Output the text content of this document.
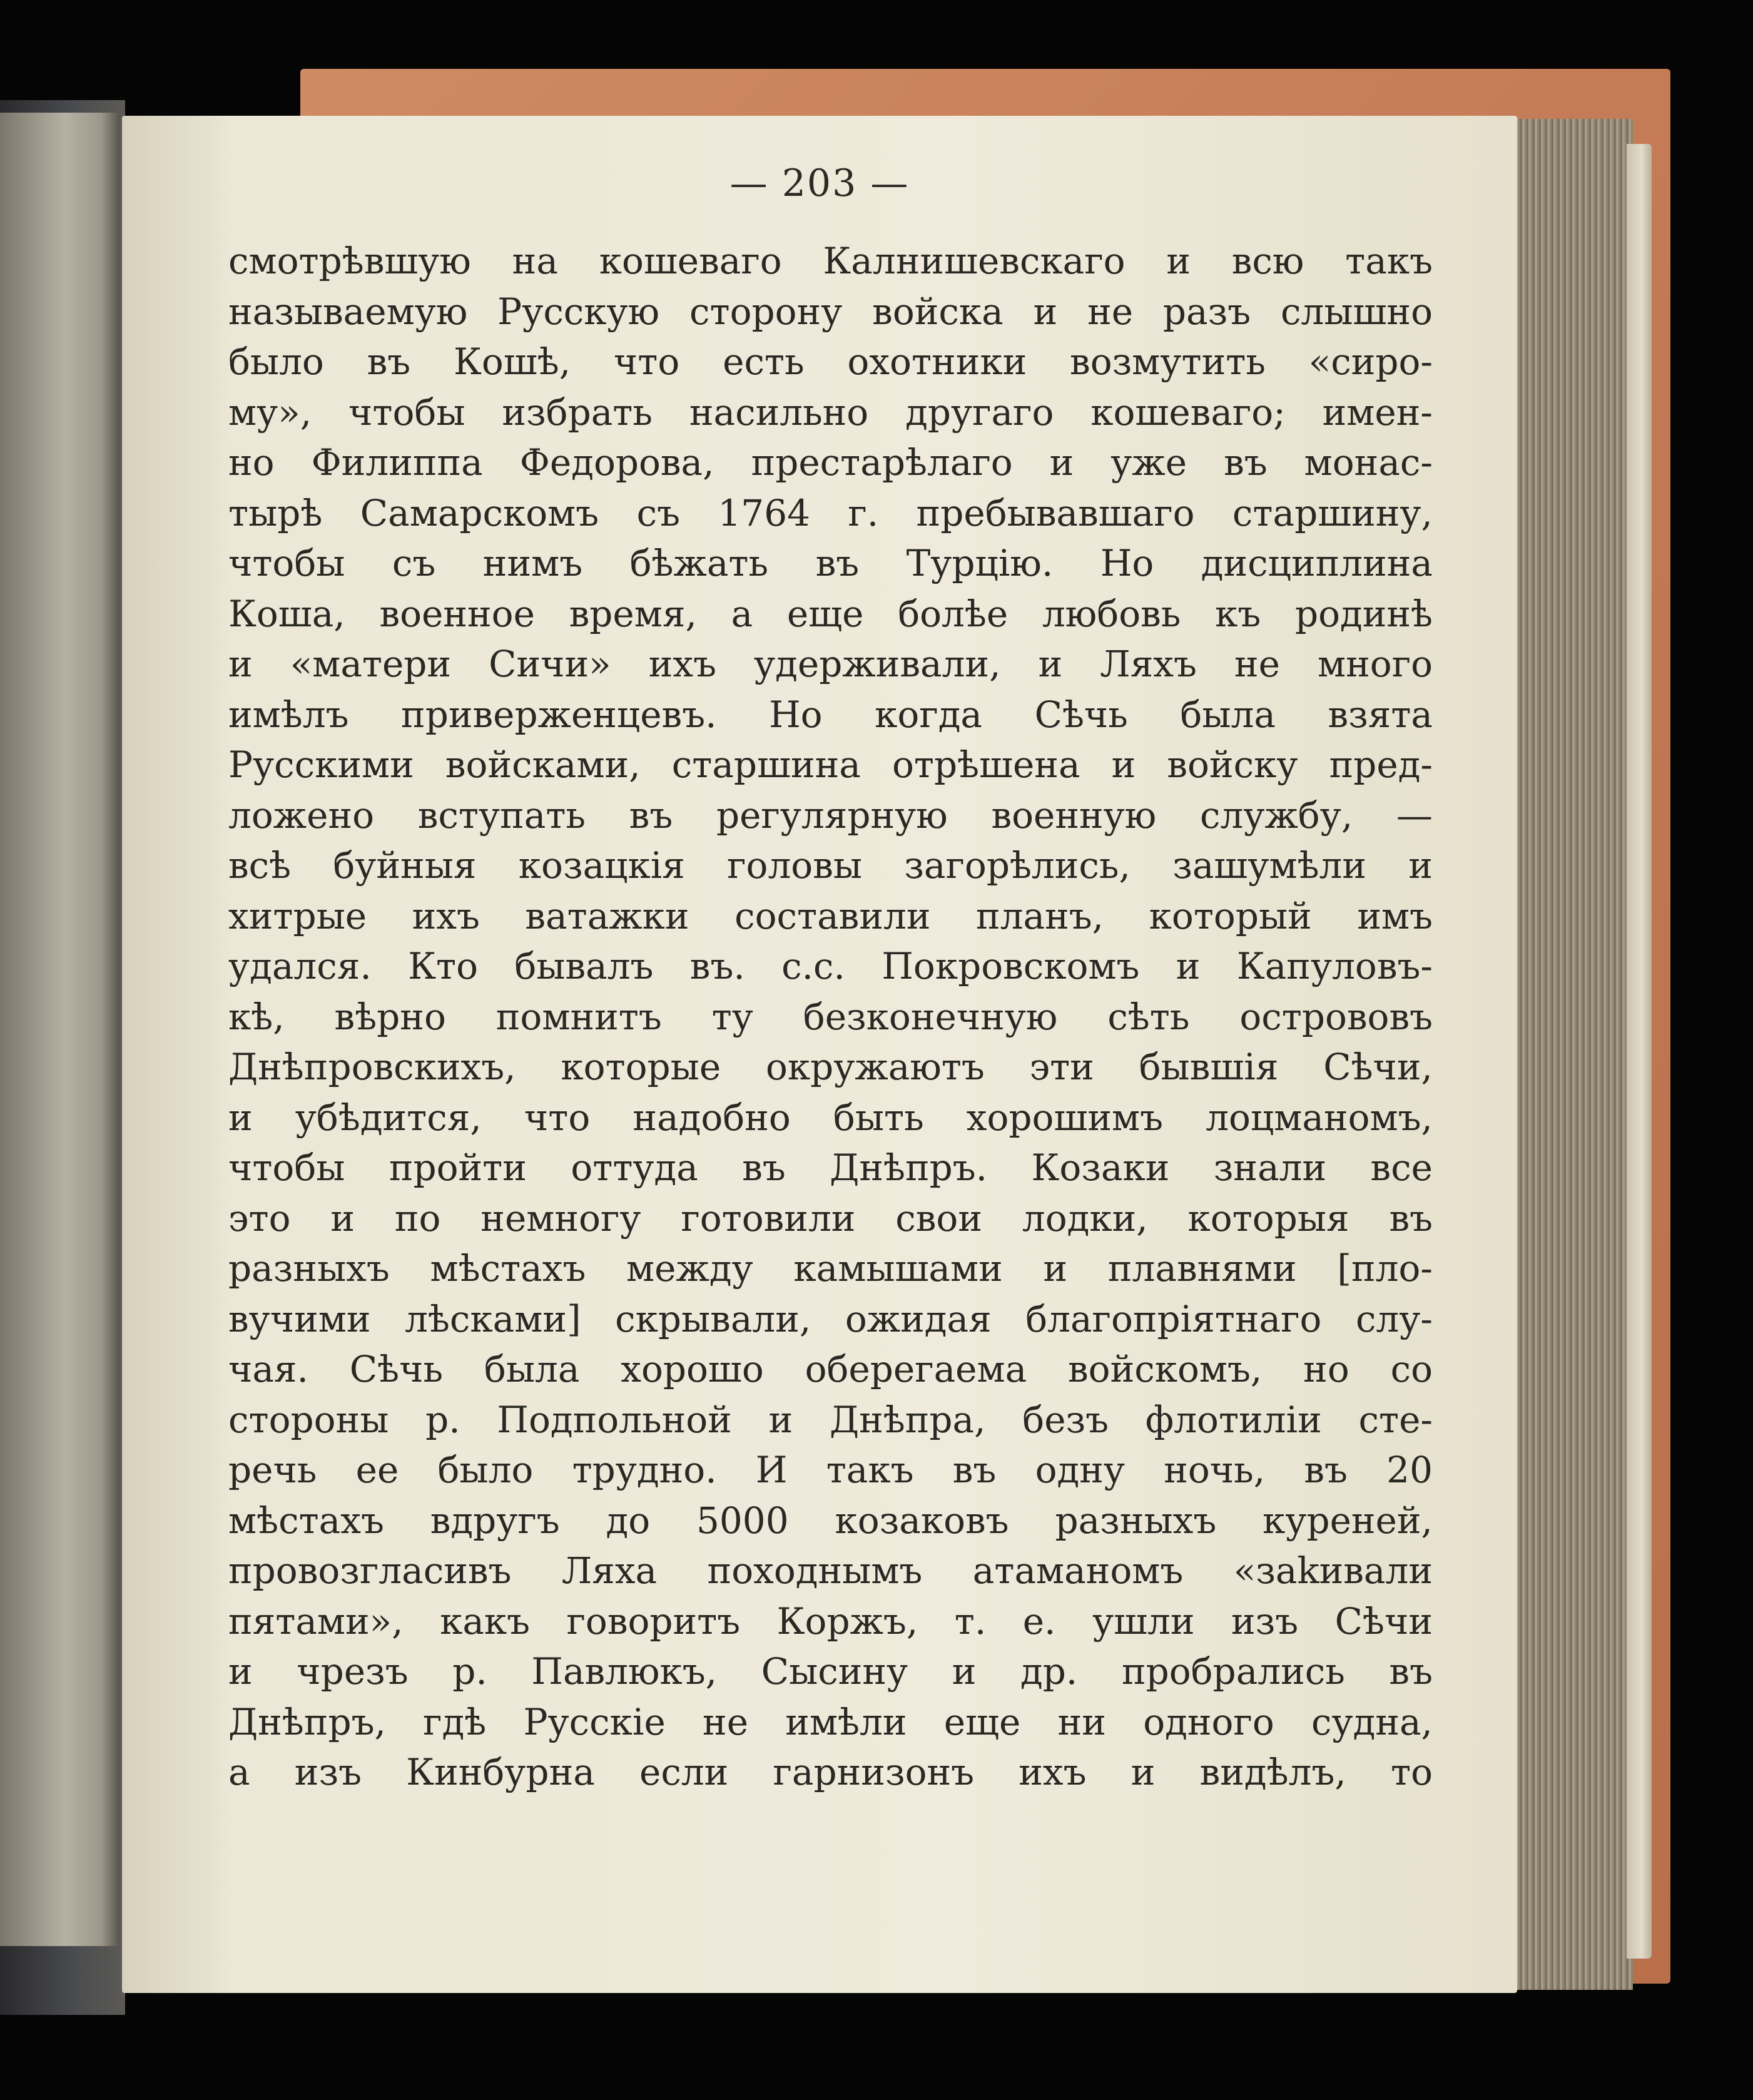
— 203 —
смотрѣвшую на кошеваго Калнишевскаго и всю такъ
называемую Русскую сторону войска и не разъ слышно
было въ Кошѣ, что есть охотники возмутить «сиро-
му», чтобы избрать насильно другаго кошеваго; имен-
но Филиппа Федорова, престарѣлаго и уже въ монас-
тырѣ Самарскомъ съ 1764 г. пребывавшаго старшину,
чтобы съ нимъ бѣжать въ Турцію. Но дисциплина
Коша, военное время, а еще болѣе любовь къ родинѣ
и «матери Сичи» ихъ удерживали, и Ляхъ не много
имѣлъ приверженцевъ. Но когда Сѣчь была взята
Русскими войсками, старшина отрѣшена и войску пред-
ложено вступать въ регулярную военную службу, —
всѣ буйныя козацкія головы загорѣлись, зашумѣли и
хитрые ихъ ватажки составили планъ, который имъ
удался. Кто бывалъ въ. с.с. Покровскомъ и Капуловъ-
кѣ, вѣрно помнитъ ту безконечную сѣть острововъ
Днѣпровскихъ, которые окружаютъ эти бывшія Сѣчи,
и убѣдится, что надобно быть хорошимъ лоцманомъ,
чтобы пройти оттуда въ Днѣпръ. Козаки знали все
это и по немногу готовили свои лодки, которыя въ
разныхъ мѣстахъ между камышами и плавнями [пло-
вучими лѣсками] скрывали, ожидая благопріятнаго слу-
чая. Сѣчь была хорошо оберегаема войскомъ, но со
стороны р. Подпольной и Днѣпра, безъ флотиліи сте-
речь ее было трудно. И такъ въ одну ночь, въ 20
мѣстахъ вдругъ до 5000 козаковъ разныхъ куреней,
провозгласивъ Ляха походнымъ атаманомъ «заkивали
пятами», какъ говоритъ Коржъ, т. е. ушли изъ Сѣчи
и чрезъ р. Павлюкъ, Сысину и др. пробрались въ
Днѣпръ, гдѣ Русскіе не имѣли еще ни одного судна,
а изъ Кинбурна если гарнизонъ ихъ и видѣлъ, то
